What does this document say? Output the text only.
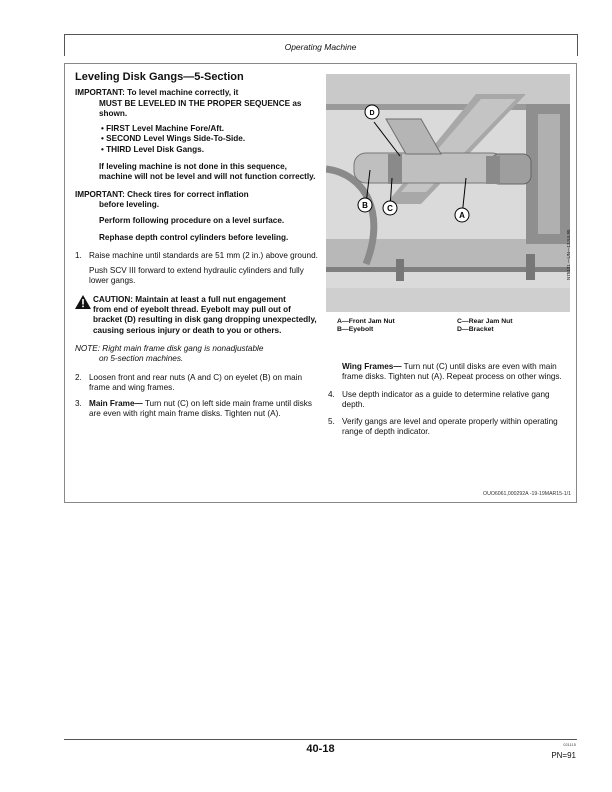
Operating Machine
Leveling Disk Gangs—5-Section
IMPORTANT: To level machine correctly, it
MUST BE LEVELED IN THE PROPER SEQUENCE as shown.
• FIRST Level Machine Fore/Aft.
• SECOND Level Wings Side-To-Side.
• THIRD Level Disk Gangs.
If leveling machine is not done in this sequence, machine will not be level and will not function correctly.
IMPORTANT: Check tires for correct inflation
before leveling.
Perform following procedure on a level surface.
Rephase depth control cylinders before leveling.
1. Raise machine until standards are 51 mm (2 in.) above ground.
Push SCV III forward to extend hydraulic cylinders and fully lower gangs.
CAUTION: Maintain at least a full nut engagement
from end of eyebolt thread. Eyebolt may pull out of bracket (D) resulting in disk gang dropping unexpectedly, causing serious injury or death to you or others.
NOTE: Right main frame disk gang is nonadjustable
on 5-section machines.
2. Loosen front and rear nuts (A and C) on eyelet (B) on main frame and wing frames.
3. Main Frame— Turn nut (C) on left side main frame until disks are even with right main frame disks. Tighten nut (A).
D
B C
A
N75131 —UN—13JUL95
A—Front Jam Nut	C—Rear Jam Nut
B—Eyebolt	D—Bracket
Wing Frames— Turn nut (C) until disks are even with main frame disks. Tighten nut (A). Repeat process on other wings.
4. Use depth indicator as a guide to determine relative gang depth.
5. Verify gangs are level and operate properly within operating range of depth indicator.
OUO6061,000292A -19-19MAR15-1/1
40-18	021115
PN=91
